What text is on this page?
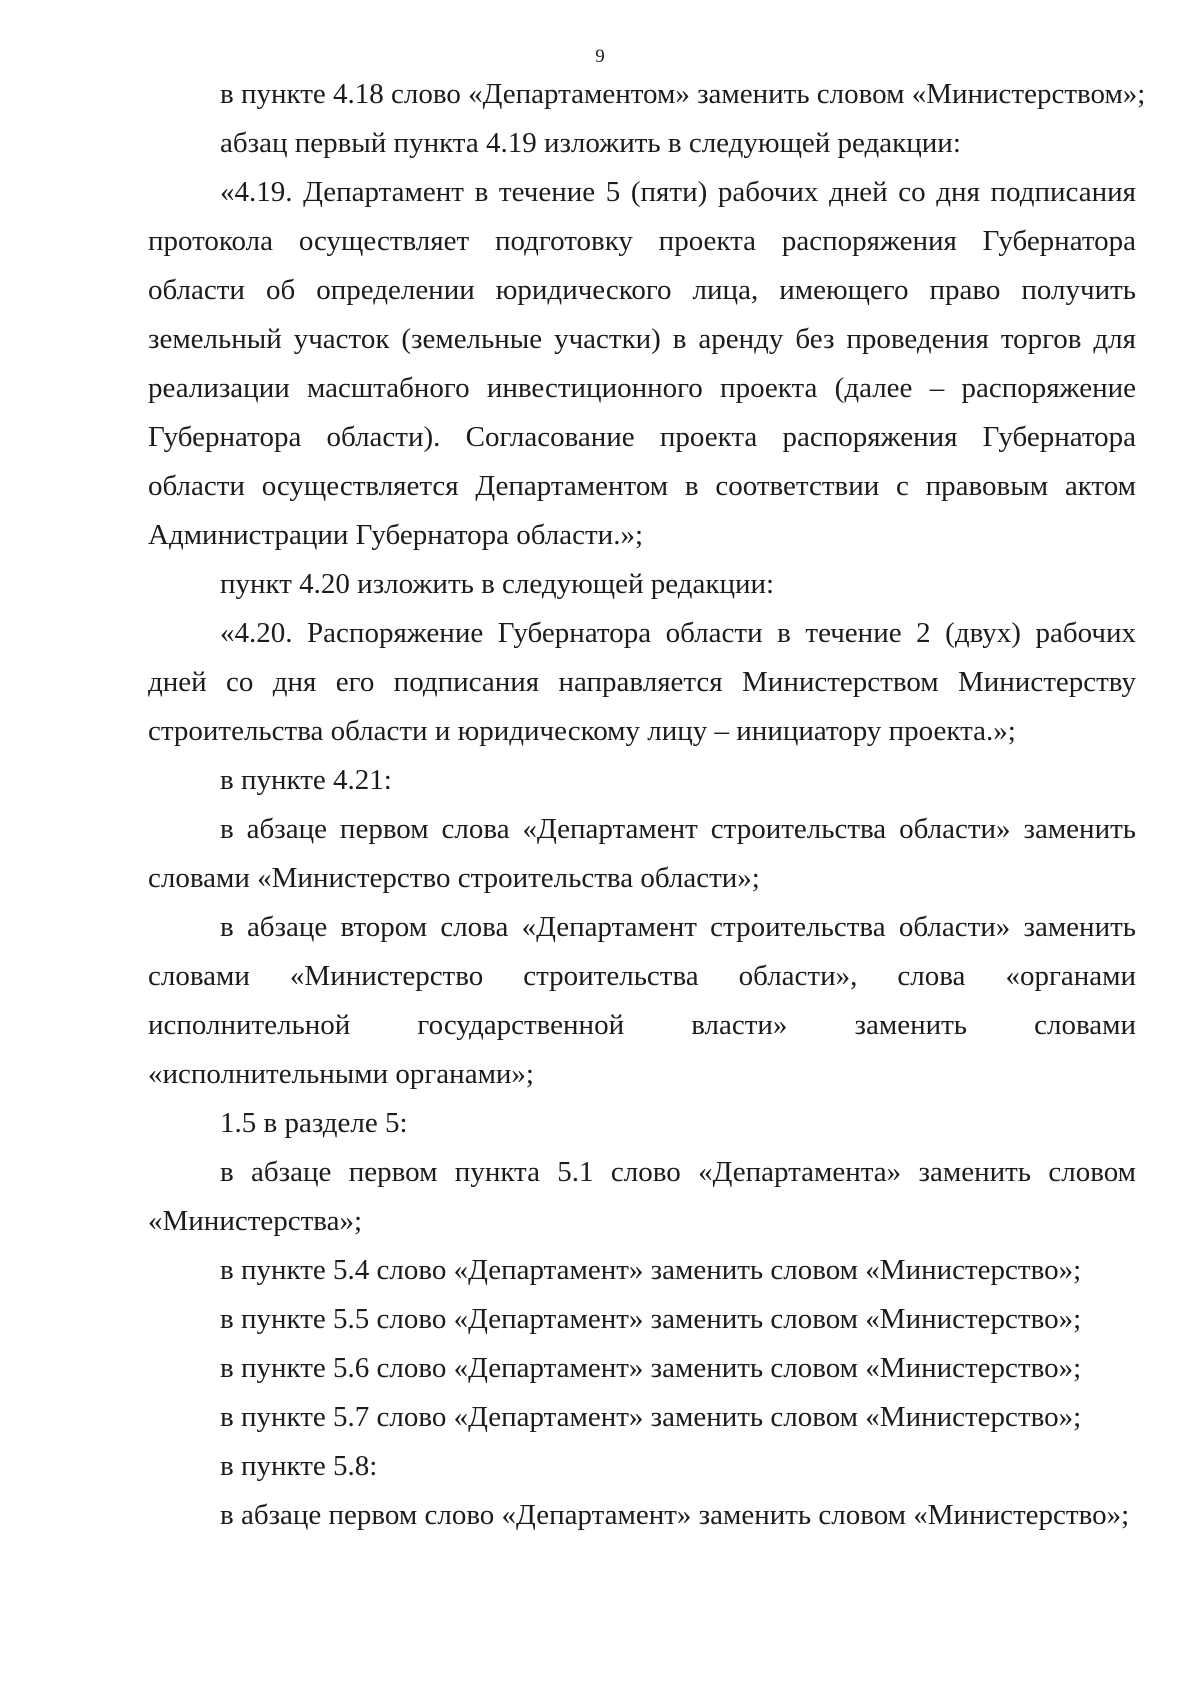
9

в пункте 4.18 слово «Департаментом» заменить словом «Министерством»;

абзац первый пункта 4.19 изложить в следующей редакции:

«4.19. Департамент в течение 5 (пяти) рабочих дней со дня подписания протокола осуществляет подготовку проекта распоряжения Губернатора области об определении юридического лица, имеющего право получить земельный участок (земельные участки) в аренду без проведения торгов для реализации масштабного инвестиционного проекта (далее – распоряжение Губернатора области). Согласование проекта распоряжения Губернатора области осуществляется Департаментом в соответствии с правовым актом Администрации Губернатора области.»;

пункт 4.20 изложить в следующей редакции:

«4.20. Распоряжение Губернатора области в течение 2 (двух) рабочих дней со дня его подписания направляется Министерством Министерству строительства области и юридическому лицу – инициатору проекта.»;

в пункте 4.21:

в абзаце первом слова «Департамент строительства области» заменить словами «Министерство строительства области»;

в абзаце втором слова «Департамент строительства области» заменить словами «Министерство строительства области», слова «органами исполнительной государственной власти» заменить словами «исполнительными органами»;

1.5 в разделе 5:

в абзаце первом пункта 5.1 слово «Департамента» заменить словом «Министерства»;

в пункте 5.4 слово «Департамент» заменить словом «Министерство»;

в пункте 5.5 слово «Департамент» заменить словом «Министерство»;

в пункте 5.6 слово «Департамент» заменить словом «Министерство»;

в пункте 5.7 слово «Департамент» заменить словом «Министерство»;

в пункте 5.8:

в абзаце первом слово «Департамент» заменить словом «Министерство»;
